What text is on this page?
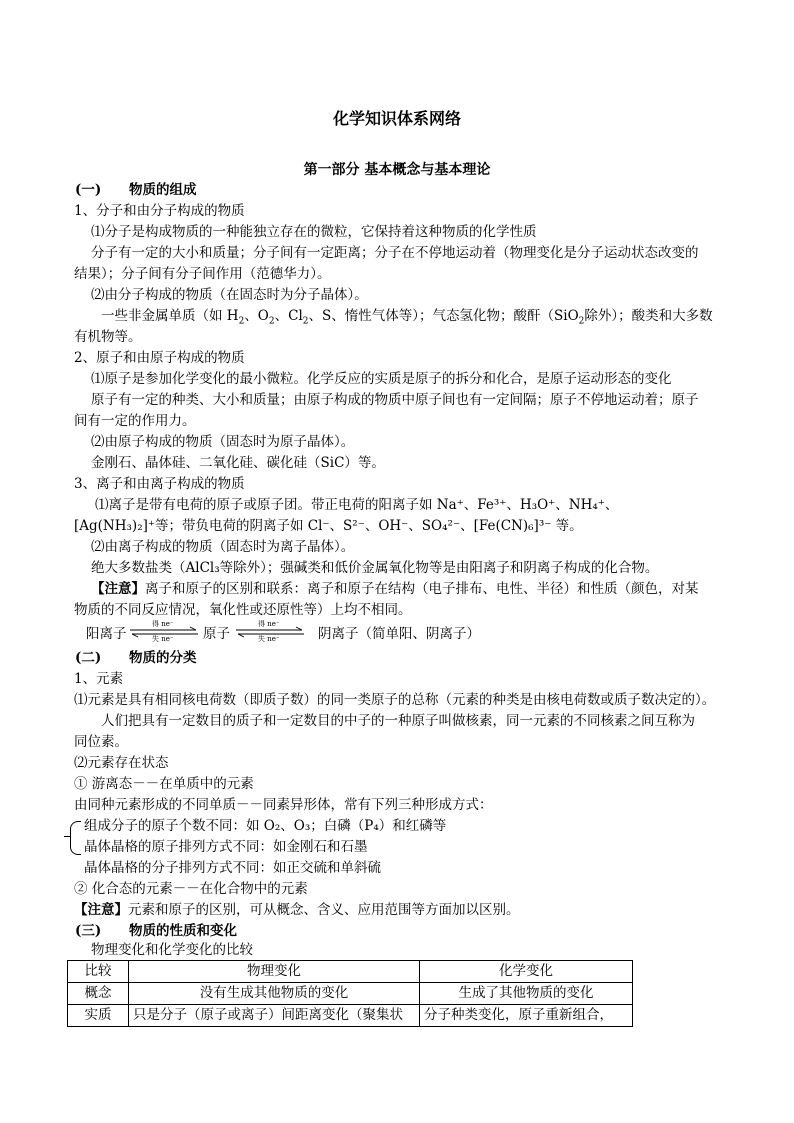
化学知识体系网络
第一部分 基本概念与基本理论
(一) 物质的组成
1、分子和由分子构成的物质
⑴分子是构成物质的一种能独立存在的微粒，它保持着这种物质的化学性质
分子有一定的大小和质量；分子间有一定距离；分子在不停地运动着（物理变化是分子运动状态改变的
结果）；分子间有分子间作用（范德华力）。
⑵由分子构成的物质（在固态时为分子晶体）。
一些非金属单质（如 $H_2$、$O_2$、$Cl_2$、S、惰性气体等）；气态氢化物；酸酐（SiO$_2$除外）；酸类和大多数
有机物等。
2、原子和由原子构成的物质
⑴原子是参加化学变化的最小微粒。化学反应的实质是原子的拆分和化合，是原子运动形态的变化
原子有一定的种类、大小和质量；由原子构成的物质中原子间也有一定间隔；原子不停地运动着；原子
间有一定的作用力。
⑵由原子构成的物质（固态时为原子晶体）。
金刚石、晶体硅、二氧化硅、碳化硅（SiC）等。
3、离子和由离子构成的物质
⑴离子是带有电荷的原子或原子团。带正电荷的阳离子如 Na⁺、Fe³⁺、H₃O⁺、NH₄⁺、
[Ag(NH₃)₂]⁺等；带负电荷的阴离子如 Cl⁻、S²⁻、OH⁻、SO₄²⁻、[Fe(CN)₆]³⁻ 等。
⑵由离子构成的物质（固态时为离子晶体）。
绝大多数盐类（AlCl₃等除外）；强碱类和低价金属氧化物等是由阳离子和阴离子构成的化合物。
【注意】离子和原子的区别和联系：离子和原子在结构（电子排布、电性、半径）和性质（颜色，对某
物质的不同反应情况，氧化性或还原性等）上均不相同。
阳离子
得 ne⁻
失 ne⁻ 原子
得 ne⁻
失 ne⁻	阴离子（简单阳、阴离子）
(二) 物质的分类
1、元素
⑴元素是具有相同核电荷数（即质子数）的同一类原子的总称（元素的种类是由核电荷数或质子数决定的）。
人们把具有一定数目的质子和一定数目的中子的一种原子叫做核素，同一元素的不同核素之间互称为
同位素。
⑵元素存在状态
① 游离态－－在单质中的元素
由同种元素形成的不同单质－－同素异形体，常有下列三种形成方式：
组成分子的原子个数不同：如 O₂、O₃；白磷（P₄）和红磷等
晶体晶格的原子排列方式不同：如金刚石和石墨
晶体晶格的分子排列方式不同：如正交硫和单斜硫
② 化合态的元素－－在化合物中的元素
【注意】元素和原子的区别，可从概念、含义、应用范围等方面加以区别。
(三) 物质的性质和变化
物理变化和化学变化的比较
比较	物理变化	化学变化
概念	没有生成其他物质的变化	生成了其他物质的变化
实质	只是分子（原子或离子）间距离变化（聚集状	分子种类变化，原子重新组合，
